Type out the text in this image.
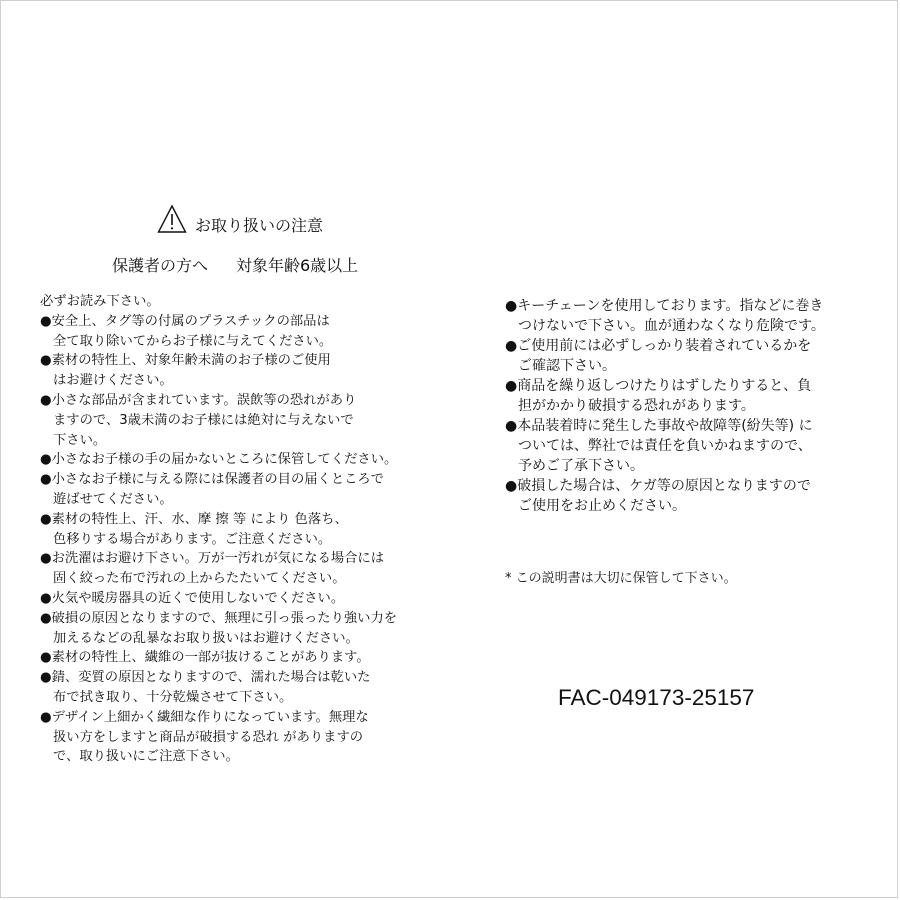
お取り扱いの注意
保護者の方へ 対象年齢6歳以上
必ずお読み下さい。
●安全上、タグ等の付属のプラスチックの部品は
全て取り除いてからお子様に与えてください。
●素材の特性上、対象年齢未満のお子様のご使用
はお避けください。
●小さな部品が含まれています。誤飲等の恐れがあり
ますので、3歳未満のお子様には絶対に与えないで
下さい。
●小さなお子様の手の届かないところに保管してください。
●小さなお子様に与える際には保護者の目の届くところで
遊ばせてください。
●素材の特性上、汗、水、摩 擦 等 により 色落ち、
色移りする場合があります。ご注意ください。
●お洗濯はお避け下さい。万が一汚れが気になる場合には
固く絞った布で汚れの上からたたいてください。
●火気や暖房器具の近くで使用しないでください。
●破損の原因となりますので、無理に引っ張ったり強い力を
加えるなどの乱暴なお取り扱いはお避けください。
●素材の特性上、繊維の一部が抜けることがあります。
●錆、変質の原因となりますので、濡れた場合は乾いた
布で拭き取り、十分乾燥させて下さい。
●デザイン上細かく繊細な作りになっています。無理な
扱い方をしますと商品が破損する恐れ がありますの
で、取り扱いにご注意下さい。
●キーチェーンを使用しております。指などに巻き
つけないで下さい。血が通わなくなり危険です。
●ご使用前には必ずしっかり装着されているかを
ご確認下さい。
●商品を繰り返しつけたりはずしたりすると、負
担がかかり破損する恐れがあります。
●本品装着時に発生した事故や故障等(紛失等) に
ついては、弊社では責任を負いかねますので、
予めご了承下さい。
●破損した場合は、ケガ等の原因となりますので
ご使用をお止めください。
* この説明書は大切に保管して下さい。
FAC-049173-25157
